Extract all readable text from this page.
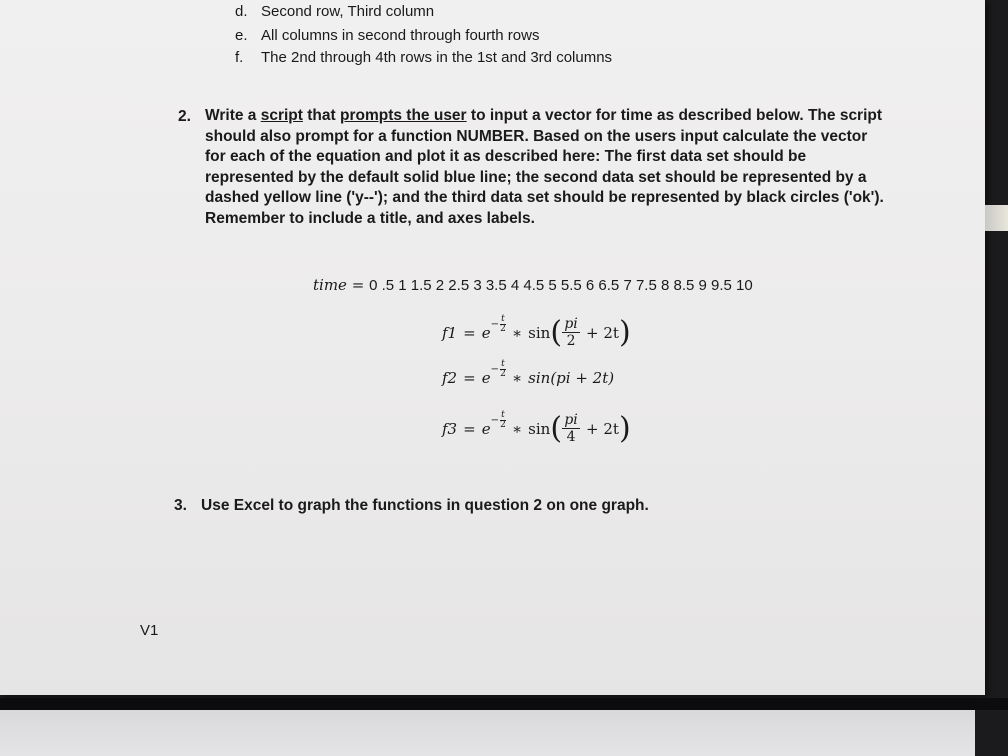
d. Second row, Third column
e. All columns in second through fourth rows
f. The 2nd through 4th rows in the 1st and 3rd columns
2. Write a script that prompts the user to input a vector for time as described below. The script should also prompt for a function NUMBER. Based on the users input calculate the vector for each of the equation and plot it as described here: The first data set should be represented by the default solid blue line; the second data set should be represented by a dashed yellow line ('y--'); and the third data set should be represented by black circles ('ok'). Remember to include a title, and axes labels.
time = 0 .5 1 1.5 2 2.5 3 3.5 4 4.5 5 5.5 6 6.5 7 7.5 8 8.5 9 9.5 10
$f1 = e - \frac{t}{2}$ ∗ sin ( $\frac{pi}{2} + 2t$ )
$f2 = e - \frac{t}{2}$ ∗ sin(pi + 2t)
$f3 = e - \frac{t}{2}$ ∗ sin ( $\frac{pi}{4} + 2t$ )
3. Use Excel to graph the functions in question 2 on one graph.
V1
